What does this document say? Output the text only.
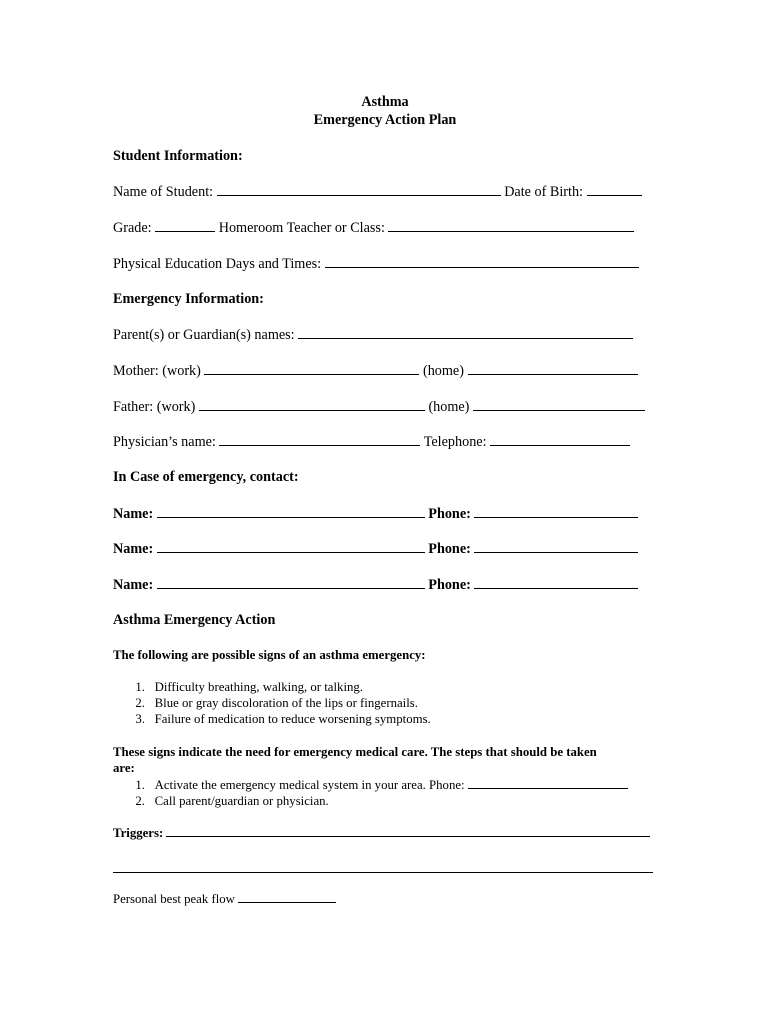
Asthma
Emergency Action Plan
Student Information:
Name of Student:	Date of Birth:
Grade:	Homeroom Teacher or Class:
Physical Education Days and Times:
Emergency Information:
Parent(s) or Guardian(s) names:
Mother: (work)	(home)
Father: (work)	(home)
Physician’s name:	Telephone:
In Case of emergency, contact:
Name:	Phone:
Name:	Phone:
Name:	Phone:
Asthma Emergency Action
The following are possible signs of an asthma emergency:
1. Difficulty breathing, walking, or talking.
2. Blue or gray discoloration of the lips or fingernails.
3. Failure of medication to reduce worsening symptoms.
These signs indicate the need for emergency medical care. The steps that should be taken
are:
1. Activate the emergency medical system in your area. Phone:
2. Call parent/guardian or physician.
Triggers:
Personal best peak flow
